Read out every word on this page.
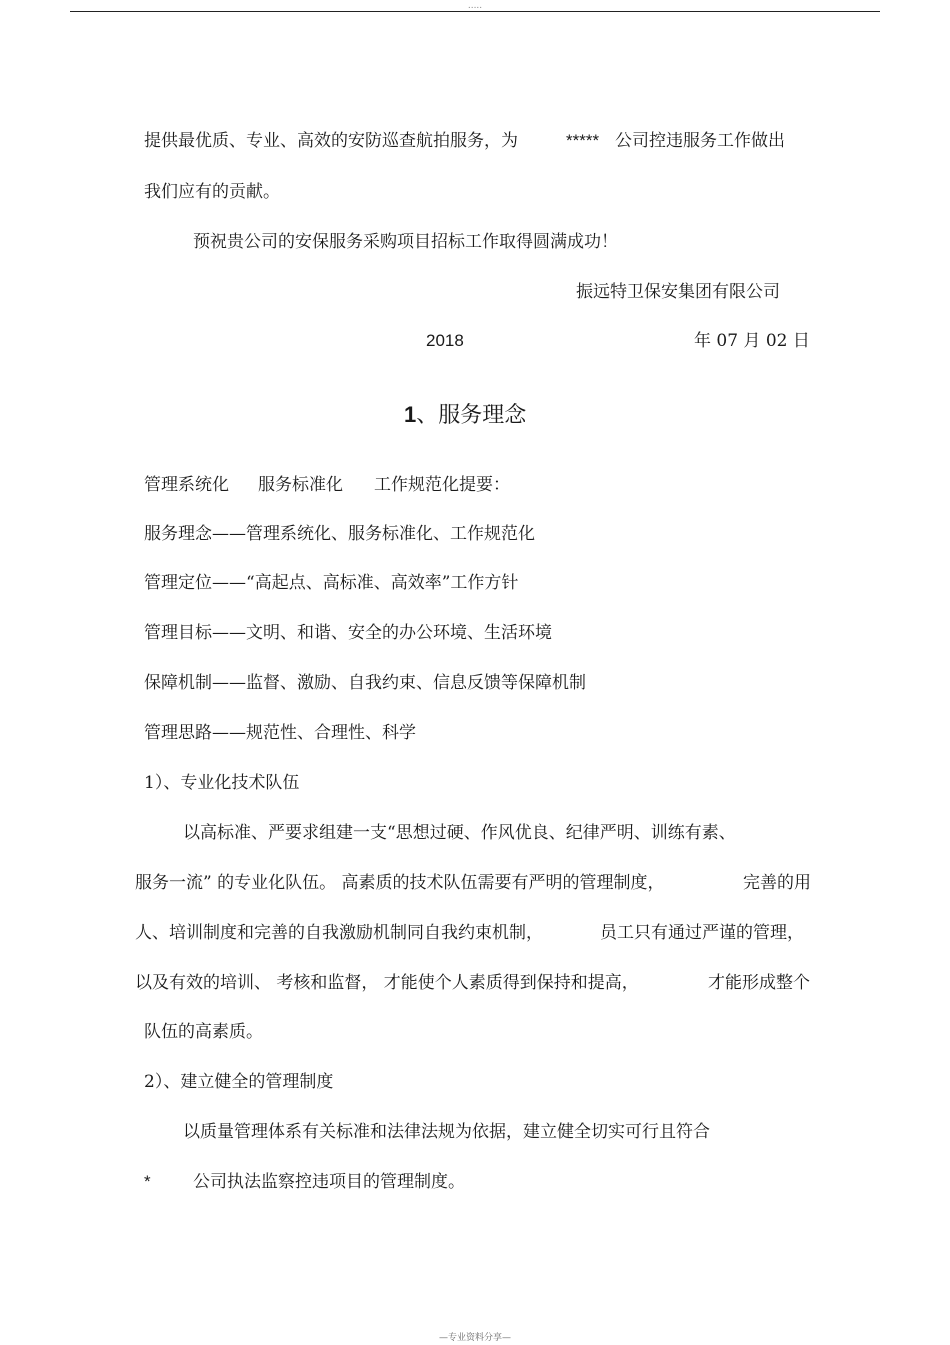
.....
提供最优质、专业、高效的安防巡查航拍服务，为	***** 公司控违服务工作做出
我们应有的贡献。
预祝贵公司的安保服务采购项目招标工作取得圆满成功！
振远特卫保安集团有限公司
2018	年 07 月 02 日
1、服务理念
管理系统化 服务标准化 工作规范化提要：
服务理念——管理系统化、服务标准化、工作规范化
管理定位——“高起点、高标准、高效率”工作方针
管理目标——文明、和谐、安全的办公环境、生活环境
保障机制——监督、激励、自我约束、信息反馈等保障机制
管理思路——规范性、合理性、科学
1）、专业化技术队伍
以高标准、严要求组建一支“思想过硬、作风优良、纪律严明、训练有素、
服务一流” 的专业化队伍。 高素质的技术队伍需要有严明的管理制度，	完善的用
人、培训制度和完善的自我激励机制同自我约束机制，	员工只有通过严谨的管理，
以及有效的培训、 考核和监督， 才能使个人素质得到保持和提高，	才能形成整个
队伍的高素质。
2）、建立健全的管理制度
以质量管理体系有关标准和法律法规为依据，建立健全切实可行且符合
* 公司执法监察控违项目的管理制度。
—专业资料分享—
